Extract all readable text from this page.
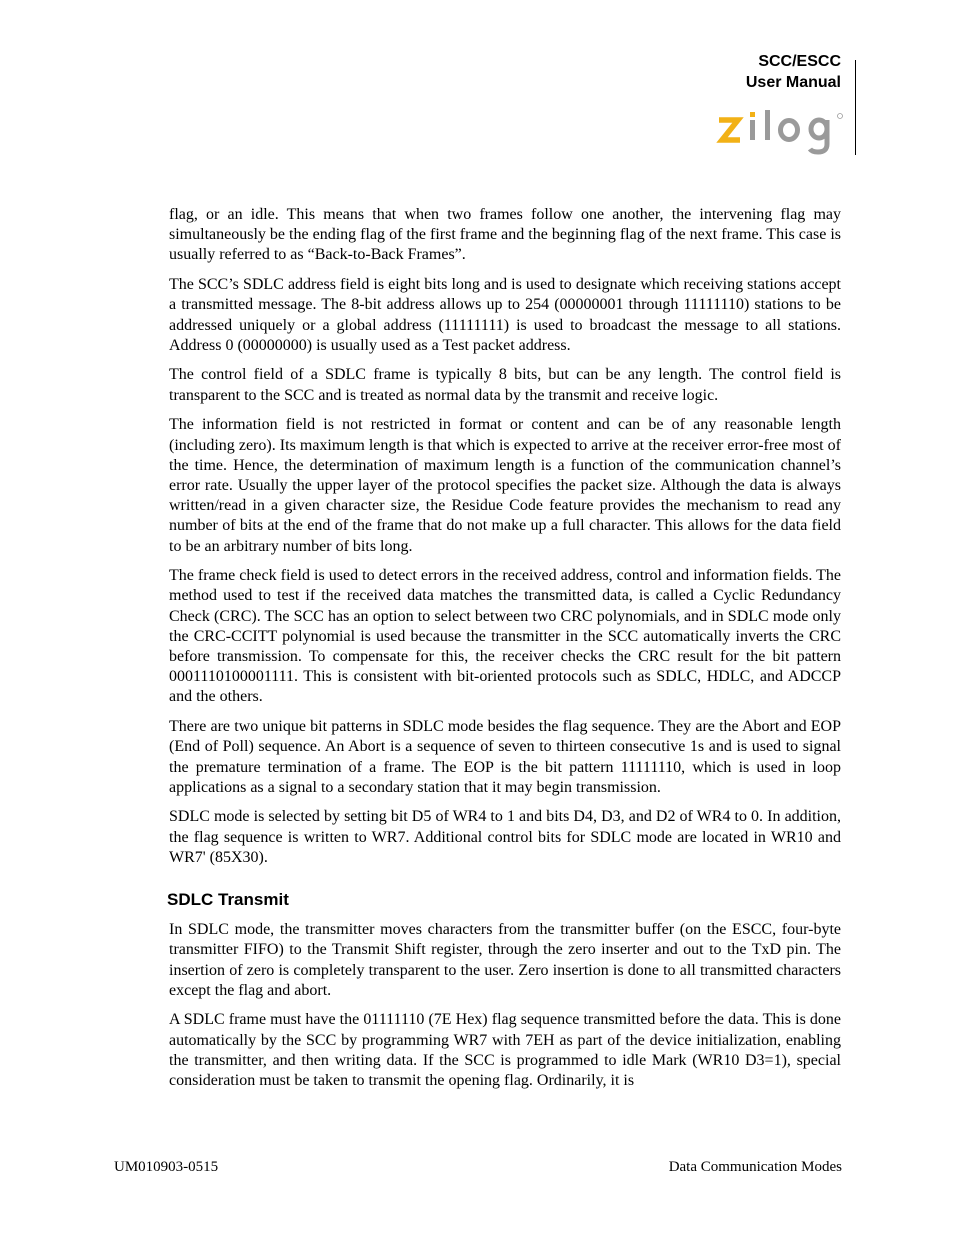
SCC/ESCC
User Manual

flag, or an idle. This means that when two frames follow one another, the intervening flag may simultaneously be the ending flag of the first frame and the beginning flag of the next frame. This case is usually referred to as “Back-to-Back Frames”.

The SCC’s SDLC address field is eight bits long and is used to designate which receiving stations accept a transmitted message. The 8-bit address allows up to 254 (00000001 through 11111110) stations to be addressed uniquely or a global address (11111111) is used to broadcast the message to all stations. Address 0 (00000000) is usually used as a Test packet address.

The control field of a SDLC frame is typically 8 bits, but can be any length. The control field is transparent to the SCC and is treated as normal data by the transmit and receive logic.

The information field is not restricted in format or content and can be of any reasonable length (including zero). Its maximum length is that which is expected to arrive at the receiver error-free most of the time. Hence, the determination of maximum length is a function of the communication channel’s error rate. Usually the upper layer of the protocol specifies the packet size. Although the data is always written/read in a given character size, the Residue Code feature provides the mechanism to read any number of bits at the end of the frame that do not make up a full character. This allows for the data field to be an arbitrary number of bits long.

The frame check field is used to detect errors in the received address, control and information fields. The method used to test if the received data matches the transmitted data, is called a Cyclic Redundancy Check (CRC). The SCC has an option to select between two CRC polynomials, and in SDLC mode only the CRC-CCITT polynomial is used because the transmitter in the SCC automatically inverts the CRC before transmission. To compensate for this, the receiver checks the CRC result for the bit pattern 0001110100001111. This is consistent with bit-oriented protocols such as SDLC, HDLC, and ADCCP and the others.

There are two unique bit patterns in SDLC mode besides the flag sequence. They are the Abort and EOP (End of Poll) sequence. An Abort is a sequence of seven to thirteen consecutive 1s and is used to signal the premature termination of a frame. The EOP is the bit pattern 11111110, which is used in loop applications as a signal to a secondary station that it may begin transmission.

SDLC mode is selected by setting bit D5 of WR4 to 1 and bits D4, D3, and D2 of WR4 to 0. In addition, the flag sequence is written to WR7. Additional control bits for SDLC mode are located in WR10 and WR7' (85X30).

SDLC Transmit

In SDLC mode, the transmitter moves characters from the transmitter buffer (on the ESCC, four-byte transmitter FIFO) to the Transmit Shift register, through the zero inserter and out to the TxD pin. The insertion of zero is completely transparent to the user. Zero insertion is done to all transmitted characters except the flag and abort.

A SDLC frame must have the 01111110 (7E Hex) flag sequence transmitted before the data. This is done automatically by the SCC by programming WR7 with 7EH as part of the device initialization, enabling the transmitter, and then writing data. If the SCC is programmed to idle Mark (WR10 D3=1), special consideration must be taken to transmit the opening flag. Ordinarily, it is

UM010903-0515	Data Communication Modes
